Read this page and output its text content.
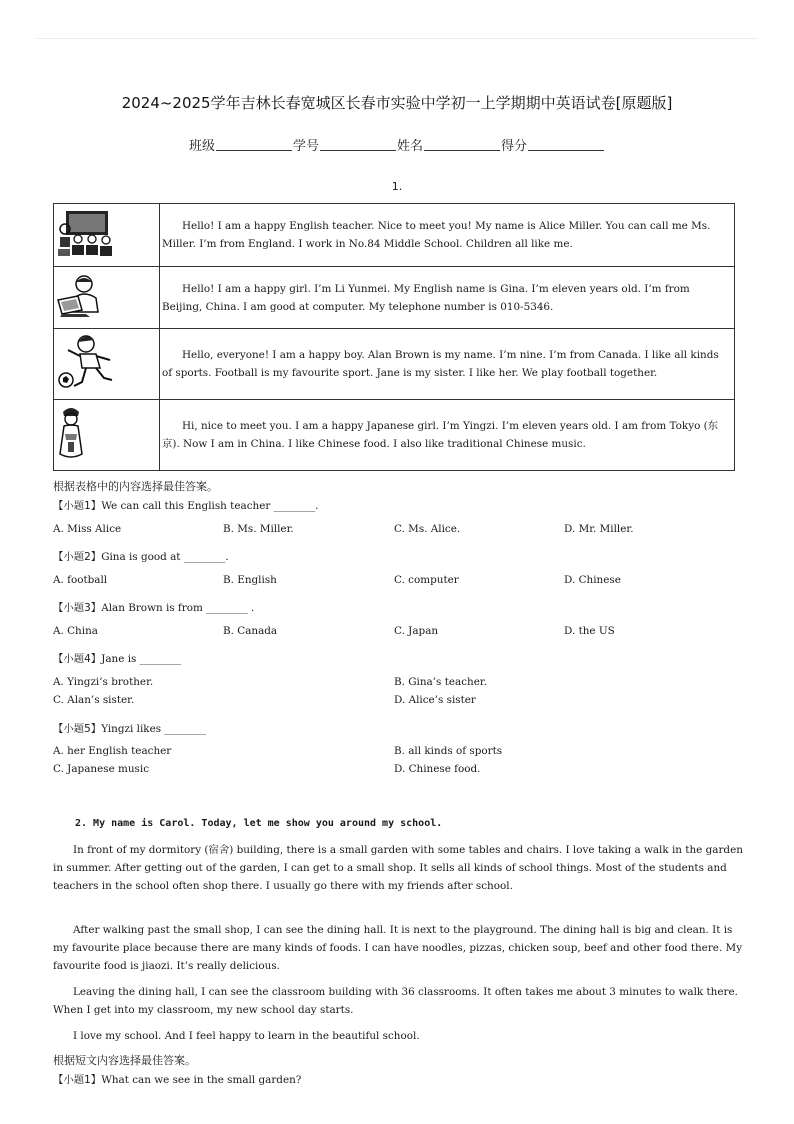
2024~2025学年吉林长春宽城区长春市实验中学初一上学期期中英语试卷[原题版]
班级	学号	姓名	得分
1.
	Hello! I am a happy English teacher. Nice to meet you! My name is Alice Miller. You can call me Ms. Miller. I’m from England. I work in No.84 Middle School. Children all like me.
	Hello! I am a happy girl. I’m Li Yunmei. My English name is Gina. I’m eleven years old. I’m from Beijing, China. I am good at computer. My telephone number is 010-5346.
	Hello, everyone! I am a happy boy. Alan Brown is my name. I’m nine. I’m from Canada. I like all kinds of sports. Football is my favourite sport. Jane is my sister. I like her. We play football together.
	Hi, nice to meet you. I am a happy Japanese girl. I’m Yingzi. I’m eleven years old. I am from Tokyo (东京). Now I am in China. I like Chinese food. I also like traditional Chinese music.
根据表格中的内容选择最佳答案。
【小题1】We can call this English teacher ________.
A. Miss Alice	B. Ms. Miller.	C. Ms. Alice.	D. Mr. Miller.
【小题2】Gina is good at ________.
A. football	B. English	C. computer	D. Chinese
【小题3】Alan Brown is from ________ .
A. China	B. Canada	C. Japan	D. the US
【小题4】Jane is ________
A. Yingzi’s brother.	B. Gina’s teacher.
C. Alan’s sister.	D. Alice’s sister
【小题5】Yingzi likes ________
A. her English teacher	B. all kinds of sports
C. Japanese music	D. Chinese food.
2. My name is Carol. Today, let me show you around my school.
In front of my dormitory (宿舍) building, there is a small garden with some tables and chairs. I love taking a walk in the garden in summer. After getting out of the garden, I can get to a small shop. It sells all kinds of school things. Most of the students and teachers in the school often shop there. I usually go there with my friends after school.
After walking past the small shop, I can see the dining hall. It is next to the playground. The dining hall is big and clean. It is my favourite place because there are many kinds of foods. I can have noodles, pizzas, chicken soup, beef and other food there. My favourite food is jiaozi. It’s really delicious.
Leaving the dining hall, I can see the classroom building with 36 classrooms. It often takes me about 3 minutes to walk there. When I get into my classroom, my new school day starts.
I love my school. And I feel happy to learn in the beautiful school.
根据短文内容选择最佳答案。
【小题1】What can we see in the small garden?
